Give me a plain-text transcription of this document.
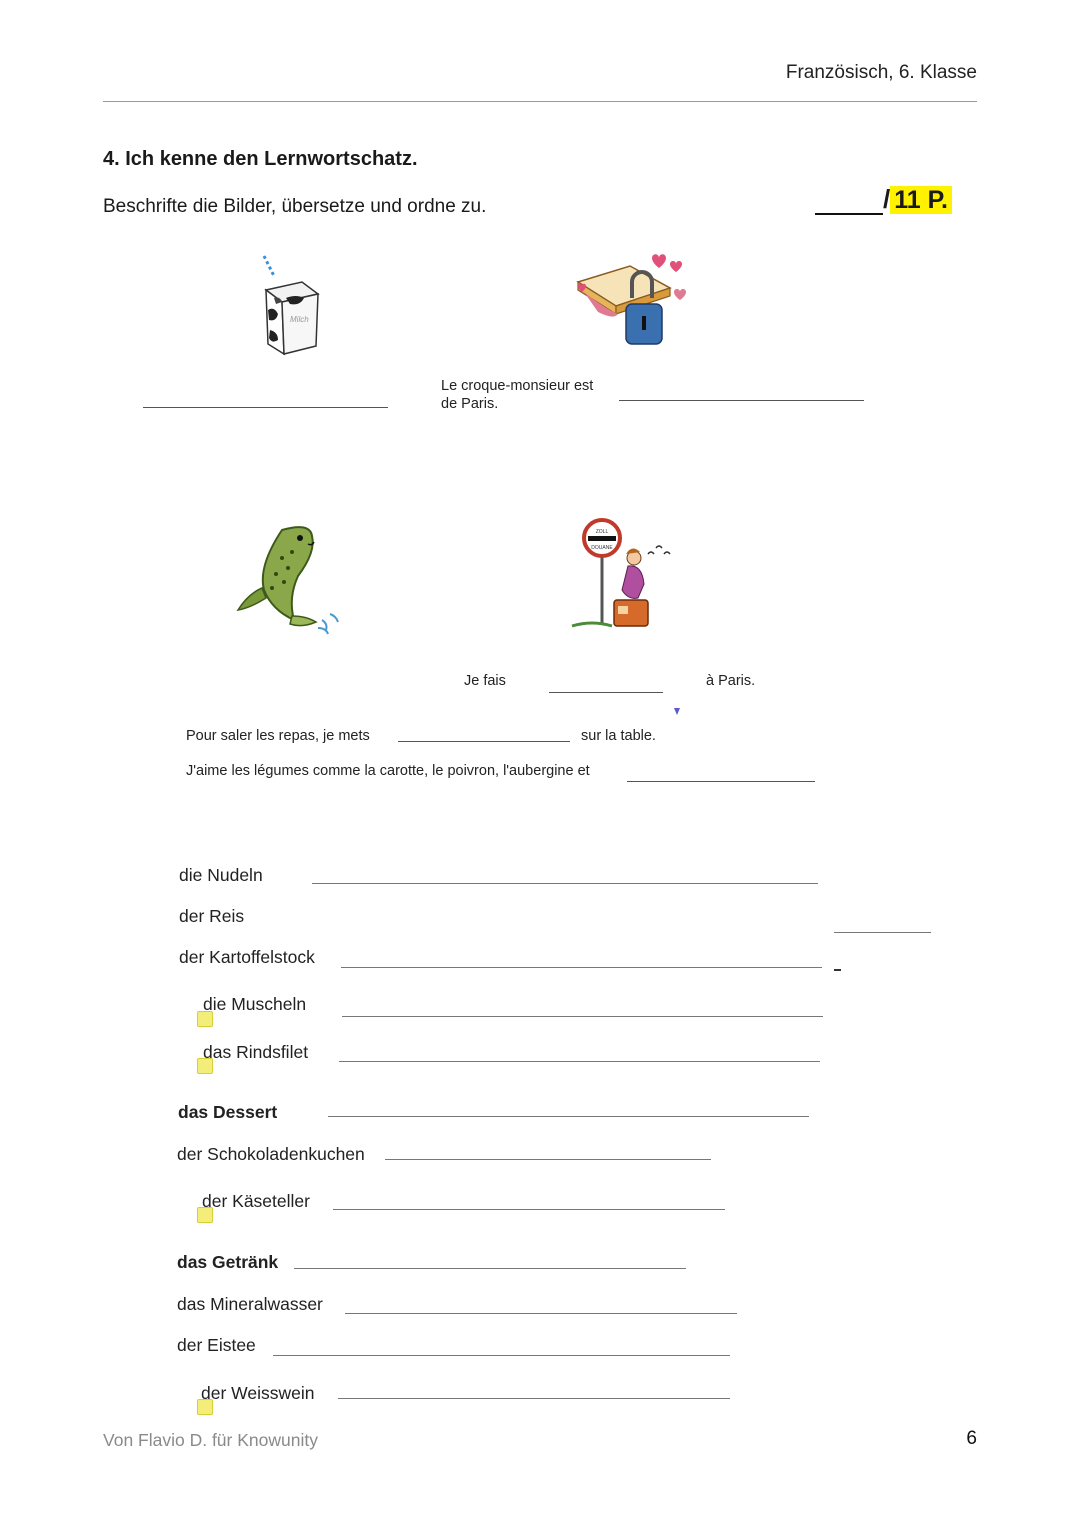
Französisch, 6. Klasse
4. Ich kenne den Lernwortschatz.
Beschrifte die Bilder, übersetze und ordne zu.	/ 11 P.
Milch
Le croque-monsieur est
de Paris.
ZOLL
DOUANE
Je fais	à Paris.
Pour saler les repas, je mets	sur la table.
J'aime les légumes comme la carotte, le poivron, l'aubergine et
die Nudeln
der Reis
der Kartoffelstock
die Muscheln
das Rindsfilet
das Dessert
der Schokoladenkuchen
der Käseteller
das Getränk
das Mineralwasser
der Eistee
der Weisswein
Von Flavio D. für Knowunity	6
